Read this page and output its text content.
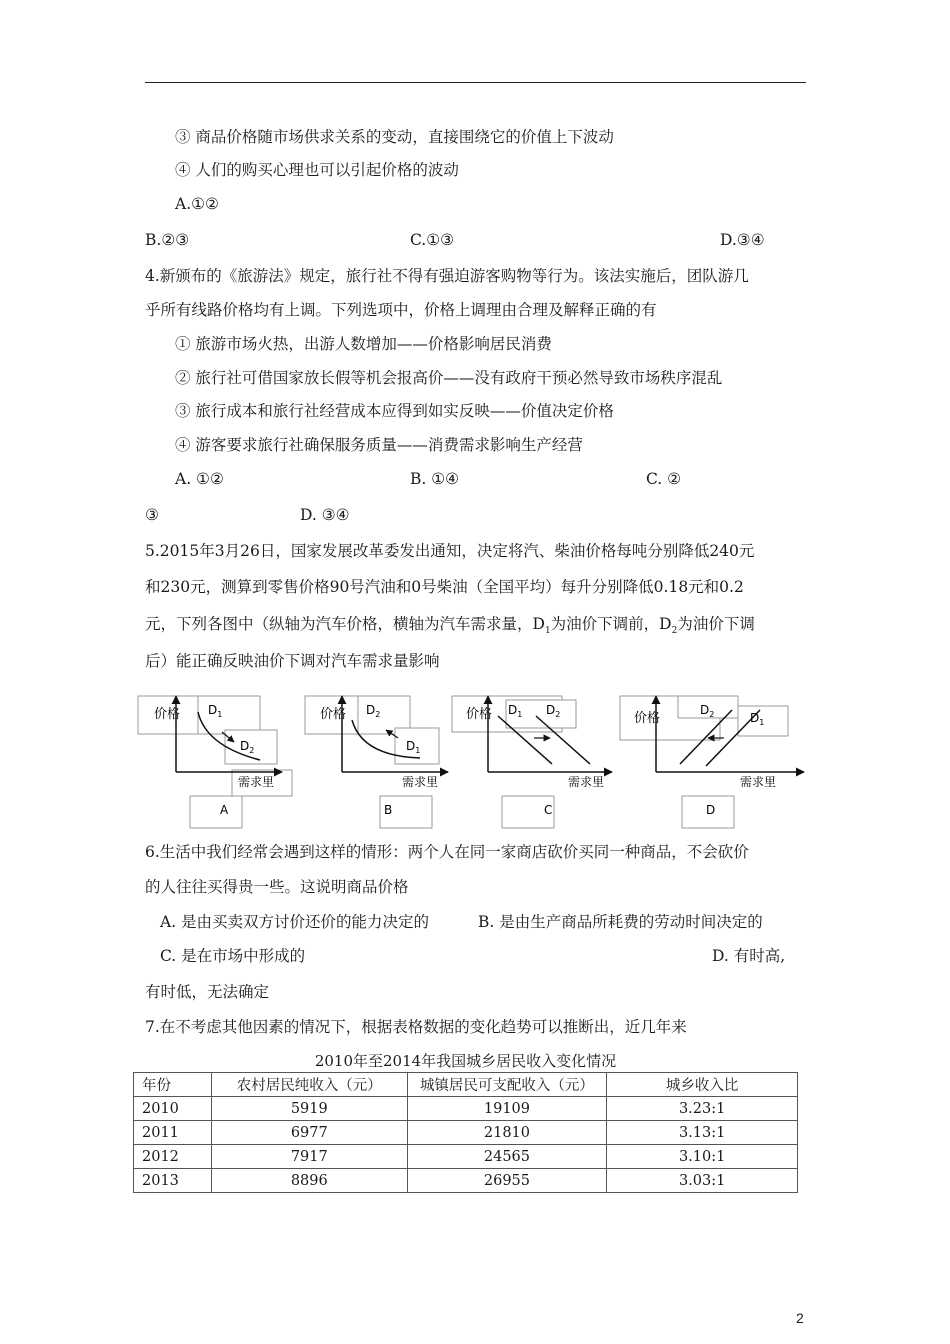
③ 商品价格随市场供求关系的变动，直接围绕它的价值上下波动
④ 人们的购买心理也可以引起价格的波动
A.①②
B.②③	C.①③	D.③④
4.新颁布的《旅游法》规定，旅行社不得有强迫游客购物等行为。该法实施后，团队游几
乎所有线路价格均有上调。下列选项中，价格上调理由合理及解释正确的有
① 旅游市场火热，出游人数增加——价格影响居民消费
② 旅行社可借国家放长假等机会报高价——没有政府干预必然导致市场秩序混乱
③ 旅行成本和旅行社经营成本应得到如实反映——价值决定价格
④ 游客要求旅行社确保服务质量——消费需求影响生产经营
A. ①②	B. ①④	C. ②
③	D. ③④
5.2015年3月26日，国家发展改革委发出通知，决定将汽、柴油价格每吨分别降低240元
和230元，测算到零售价格90号汽油和0号柴油（全国平均）每升分别降低0.18元和0.2
元，下列各图中（纵轴为汽车价格，横轴为汽车需求量，$D_1$为油价下调前，$D_2$为油价下调
后）能正确反映油价下调对汽车需求量影响
价格 $D_1$
$D_2$
需求里
A
价格 $D_2$
$D_1$
需求里
B
价格 $D_1$ $D_2$
需求里
C
价格
$D_2$	$D_1$
需求里
D
6.生活中我们经常会遇到这样的情形：两个人在同一家商店砍价买同一种商品，不会砍价
的人往往买得贵一些。这说明商品价格
A. 是由买卖双方讨价还价的能力决定的	B. 是由生产商品所耗费的劳动时间决定的
C. 是在市场中形成的	D. 有时高,
有时低，无法确定
7.在不考虑其他因素的情况下，根据表格数据的变化趋势可以推断出，近几年来
2010年至2014年我国城乡居民收入变化情况
年份	农村居民纯收入（元）	城镇居民可支配收入（元）	城乡收入比
2010	5919	19109	3.23:1
2011	6977	21810	3.13:1
2012	7917	24565	3.10:1
2013	8896	26955	3.03:1
2
